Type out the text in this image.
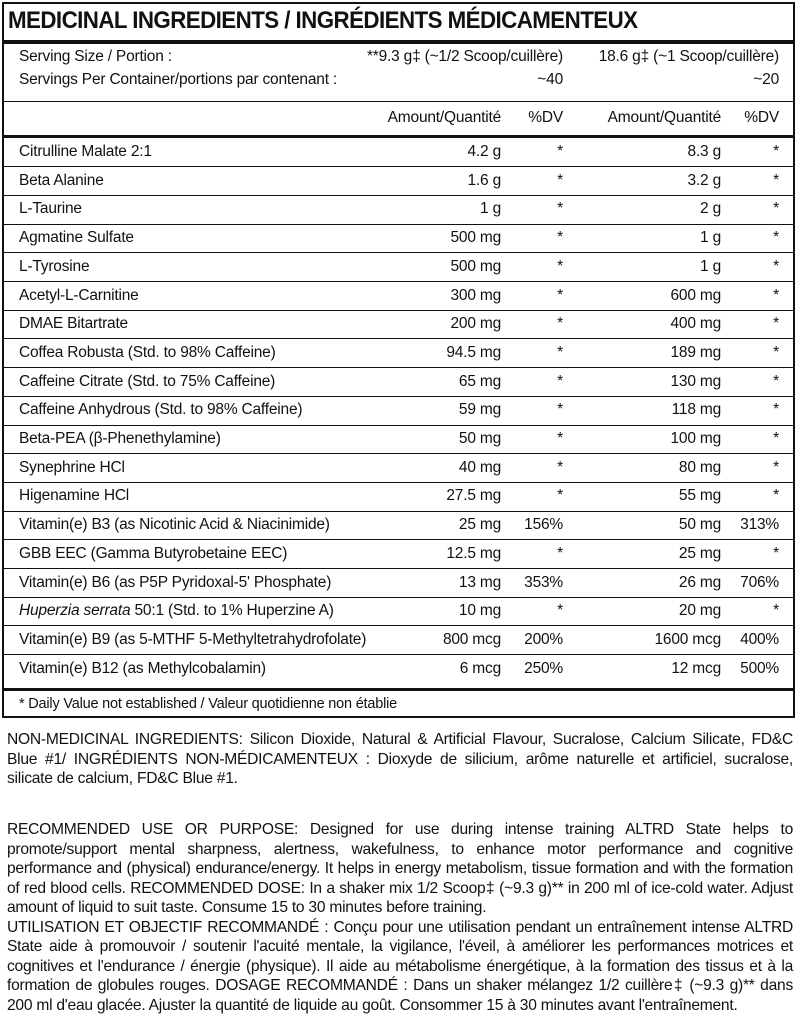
MEDICINAL INGREDIENTS / INGRÉDIENTS MÉDICAMENTEUX
Serving Size / Portion :	**9.3 g‡ (~1/2 Scoop/cuillère) 18.6 g‡ (~1 Scoop/cuillère)
Servings Per Container/portions par contenant :	~40	~20
Amount/Quantité %DV	Amount/Quantité %DV
Citrulline Malate 2:1	4.2 g	*	8.3 g	*
Beta Alanine	1.6 g	*	3.2 g	*
L-Taurine	1 g	*	2 g	*
Agmatine Sulfate	500 mg	*	1 g	*
L-Tyrosine	500 mg	*	1 g	*
Acetyl-L-Carnitine	300 mg	*	600 mg	*
DMAE Bitartrate	200 mg	*	400 mg	*
Coffea Robusta (Std. to 98% Caffeine)	94.5 mg	*	189 mg	*
Caffeine Citrate (Std. to 75% Caffeine)	65 mg	*	130 mg	*
Caffeine Anhydrous (Std. to 98% Caffeine)	59 mg	*	118 mg	*
Beta-PEA (β-Phenethylamine)	50 mg	*	100 mg	*
Synephrine HCl	40 mg	*	80 mg	*
Higenamine HCl	27.5 mg	*	55 mg	*
Vitamin(e) B3 (as Nicotinic Acid & Niacinimide)	25 mg 156%	50 mg 313%
GBB EEC (Gamma Butyrobetaine EEC)	12.5 mg	*	25 mg	*
Vitamin(e) B6 (as P5P Pyridoxal-5' Phosphate)	13 mg 353%	26 mg 706%
Huperzia serrata 50:1 (Std. to 1% Huperzine A)	10 mg	*	20 mg	*
Vitamin(e) B9 (as 5-MTHF 5-Methyltetrahydrofolate)	800 mcg 200%	1600 mcg 400%
Vitamin(e) B12 (as Methylcobalamin)	6 mcg 250%	12 mcg 500%
* Daily Value not established / Valeur quotidienne non établie
NON-MEDICINAL INGREDIENTS: Silicon Dioxide, Natural & Artificial Flavour, Sucralose, Calcium Silicate, FD&C Blue #1/ INGRÉDIENTS NON-MÉDICAMENTEUX : Dioxyde de silicium, arôme naturelle et artificiel, sucralose, silicate de calcium, FD&C Blue #1.
RECOMMENDED USE OR PURPOSE: Designed for use during intense training ALTRD State helps to promote/support mental sharpness, alertness, wakefulness, to enhance motor performance and cognitive performance and (physical) endurance/energy. It helps in energy metabolism, tissue formation and with the formation of red blood cells. RECOMMENDED DOSE: In a shaker mix 1/2 Scoop‡ (~9.3 g)** in 200 ml of ice-cold water. Adjust amount of liquid to suit taste. Consume 15 to 30 minutes before training.
UTILISATION ET OBJECTIF RECOMMANDÉ : Conçu pour une utilisation pendant un entraînement intense ALTRD State aide à promouvoir / soutenir l'acuité mentale, la vigilance, l'éveil, à améliorer les performances motrices et cognitives et l'endurance / énergie (physique). Il aide au métabolisme énergétique, à la formation des tissus et à la formation de globules rouges. DOSAGE RECOMMANDÉ : Dans un shaker mélangez 1/2 cuillère‡ (~9.3 g)** dans 200 ml d'eau glacée. Ajuster la quantité de liquide au goût. Consommer 15 à 30 minutes avant l'entraînement.
